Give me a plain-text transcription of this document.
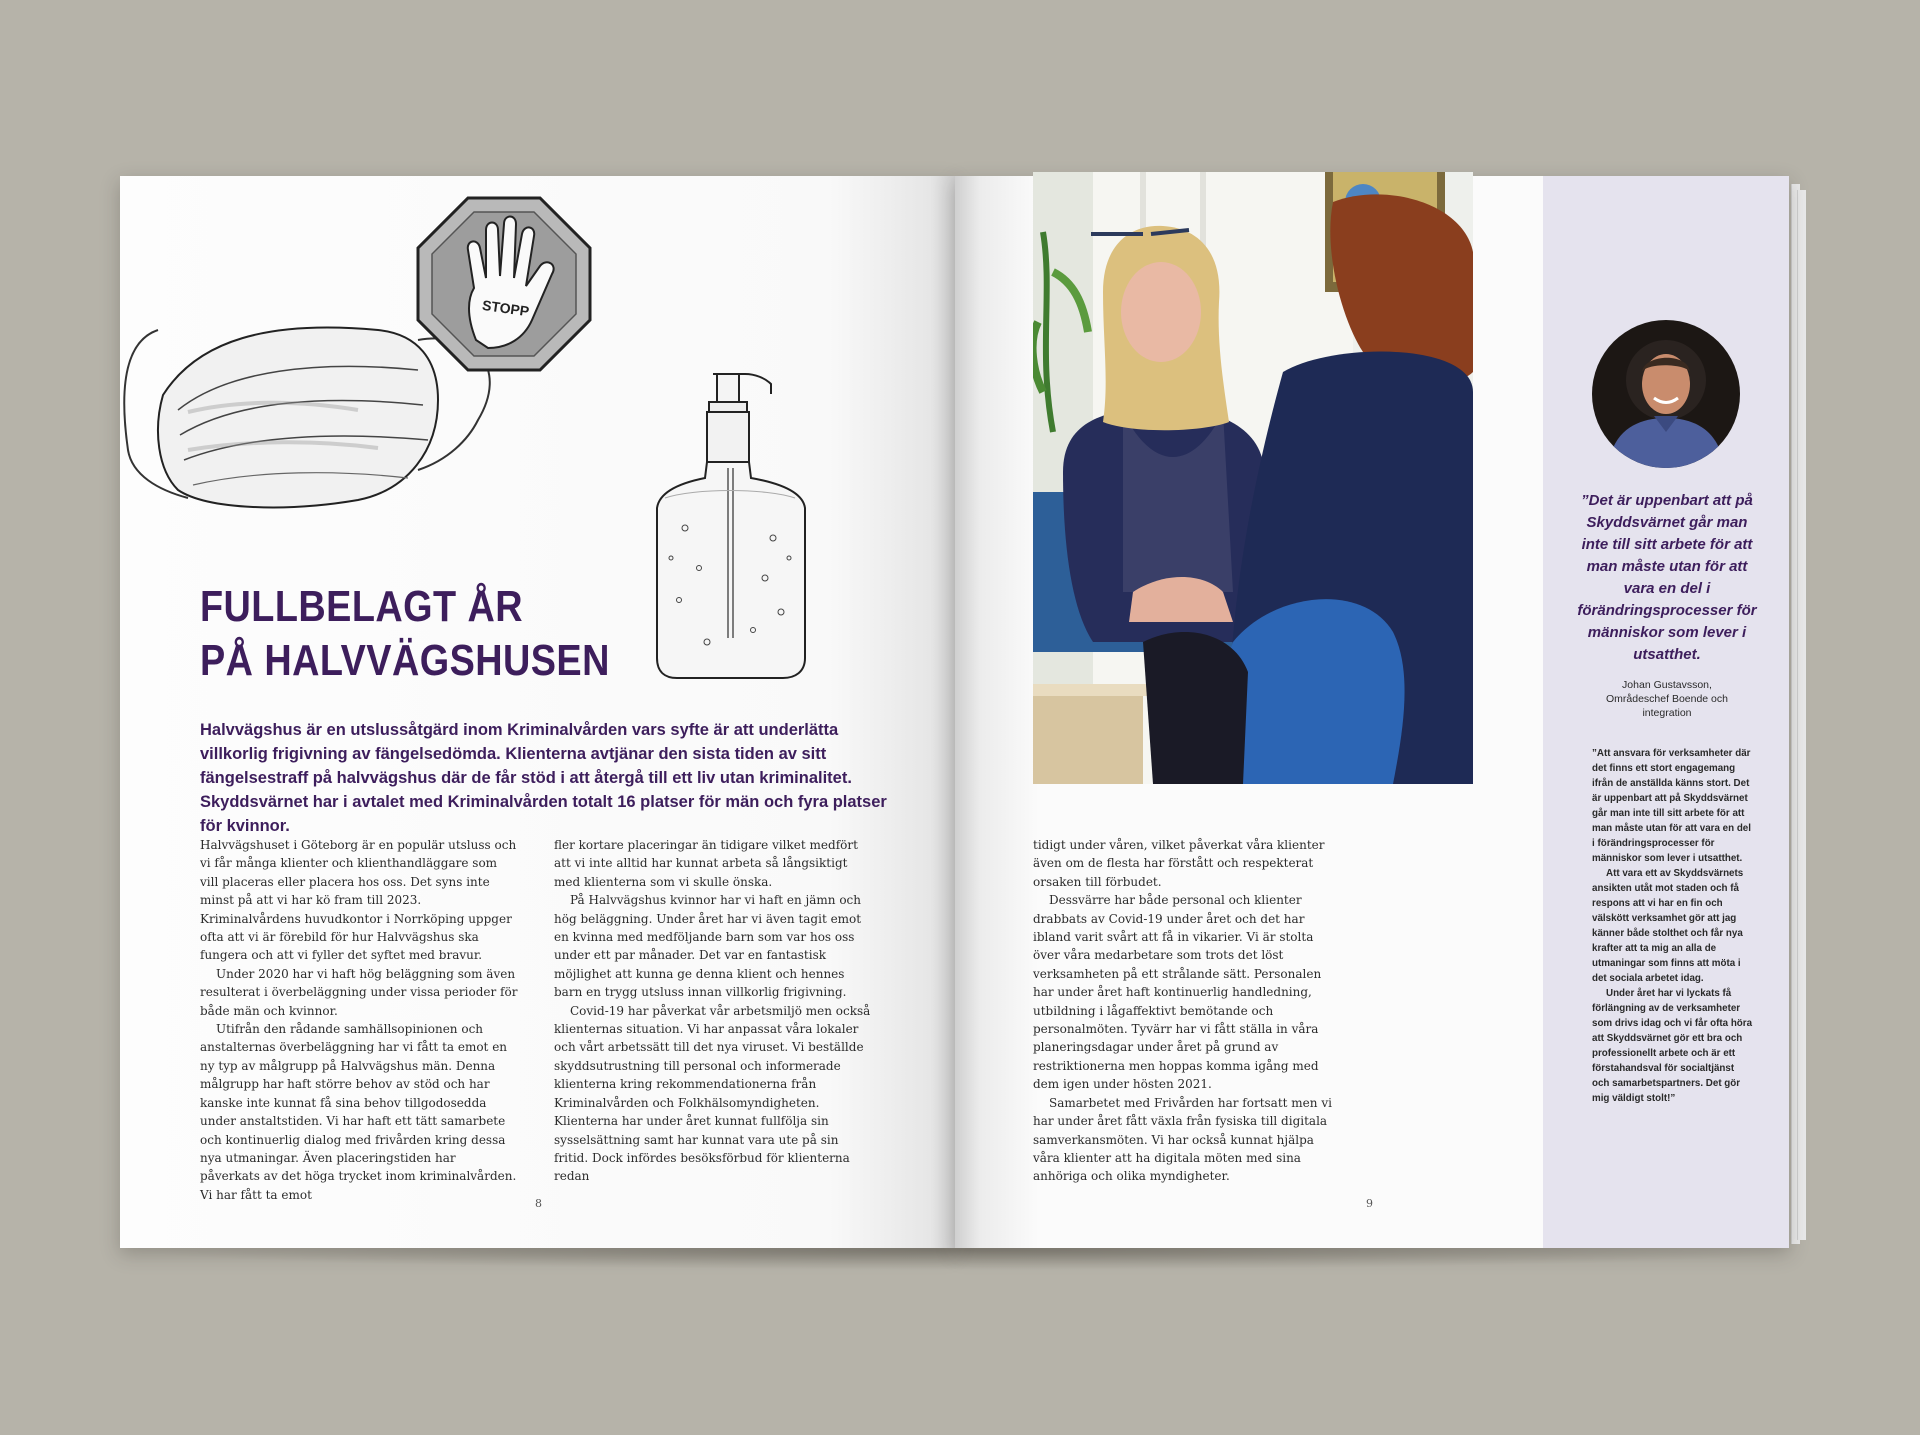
STOPP
FULLBELAGT ÅR
PÅ HALVVÄGSHUSEN

Halvvägshus är en utslussåtgärd inom Kriminalvården vars syfte är att underlätta villkorlig frigivning av fängelsedömda. Klienterna avtjänar den sista tiden av sitt fängelsestraff på halvvägshus där de får stöd i att återgå till ett liv utan kriminalitet. Skyddsvärnet har i avtalet med Kriminalvården totalt 16 platser för män och fyra platser för kvinnor.

Halvvägshuset i Göteborg är en populär utsluss och vi får många klienter och klienthandläggare som vill placeras eller placera hos oss. Det syns inte minst på att vi har kö fram till 2023. Kriminalvårdens huvudkontor i Norrköping uppger ofta att vi är förebild för hur Halvvägshus ska fungera och att vi fyller det syftet med bravur.

Under 2020 har vi haft hög beläggning som även resulterat i överbeläggning under vissa perioder för både män och kvinnor.

Utifrån den rådande samhällsopinionen och anstalternas överbeläggning har vi fått ta emot en ny typ av målgrupp på Halvvägshus män. Denna målgrupp har haft större behov av stöd och har kanske inte kunnat få sina behov tillgodosedda under anstaltstiden. Vi har haft ett tätt samarbete och kontinuerlig dialog med frivården kring dessa nya utmaningar. Även placeringstiden har påverkats av det höga trycket inom kriminalvården. Vi har fått ta emot

fler kortare placeringar än tidigare vilket medfört att vi inte alltid har kunnat arbeta så långsiktigt med klienterna som vi skulle önska.

På Halvvägshus kvinnor har vi haft en jämn och hög beläggning. Under året har vi även tagit emot en kvinna med medföljande barn som var hos oss under ett par månader. Det var en fantastisk möjlighet att kunna ge denna klient och hennes barn en trygg utsluss innan villkorlig frigivning.

Covid-19 har påverkat vår arbetsmiljö men också klienternas situation. Vi har anpassat våra lokaler och vårt arbetssätt till det nya viruset. Vi beställde skyddsutrustning till personal och informerade klienterna kring rekommendationerna från Kriminalvården och Folkhälsomyndigheten. Klienterna har under året kunnat fullfölja sin sysselsättning samt har kunnat vara ute på sin fritid. Dock infördes besöksförbud för klienterna redan

8

tidigt under våren, vilket påverkat våra klienter även om de flesta har förstått och respekterat orsaken till förbudet.

Dessvärre har både personal och klienter drabbats av Covid-19 under året och det har ibland varit svårt att få in vikarier. Vi är stolta över våra medarbetare som trots det löst verksamheten på ett strålande sätt. Personalen har under året haft kontinuerlig handledning, utbildning i lågaffektivt bemötande och personalmöten. Tyvärr har vi fått ställa in våra planeringsdagar under året på grund av restriktionerna men hoppas komma igång med dem igen under hösten 2021.

Samarbetet med Frivården har fortsatt men vi har under året fått växla från fysiska till digitala samverkansmöten. Vi har också kunnat hjälpa våra klienter att ha digitala möten med sina anhöriga och olika myndigheter.

9

”Det är uppenbart att på Skyddsvärnet går man inte till sitt arbete för att man måste utan för att vara en del i förändringsprocesser för människor som lever i utsatthet.

Johan Gustavsson,
Områdeschef Boende och
integration

”Att ansvara för verksamheter där det finns ett stort engagemang ifrån de anställda känns stort. Det är uppenbart att på Skyddsvärnet går man inte till sitt arbete för att man måste utan för att vara en del i förändringsprocesser för människor som lever i utsatthet.

Att vara ett av Skyddsvärnets ansikten utåt mot staden och få respons att vi har en fin och välskött verksamhet gör att jag känner både stolthet och får nya krafter att ta mig an alla de utmaningar som finns att möta i det sociala arbetet idag.

Under året har vi lyckats få förlängning av de verksamheter som drivs idag och vi får ofta höra att Skyddsvärnet gör ett bra och professionellt arbete och är ett förstahandsval för socialtjänst och samarbetspartners. Det gör mig väldigt stolt!”
